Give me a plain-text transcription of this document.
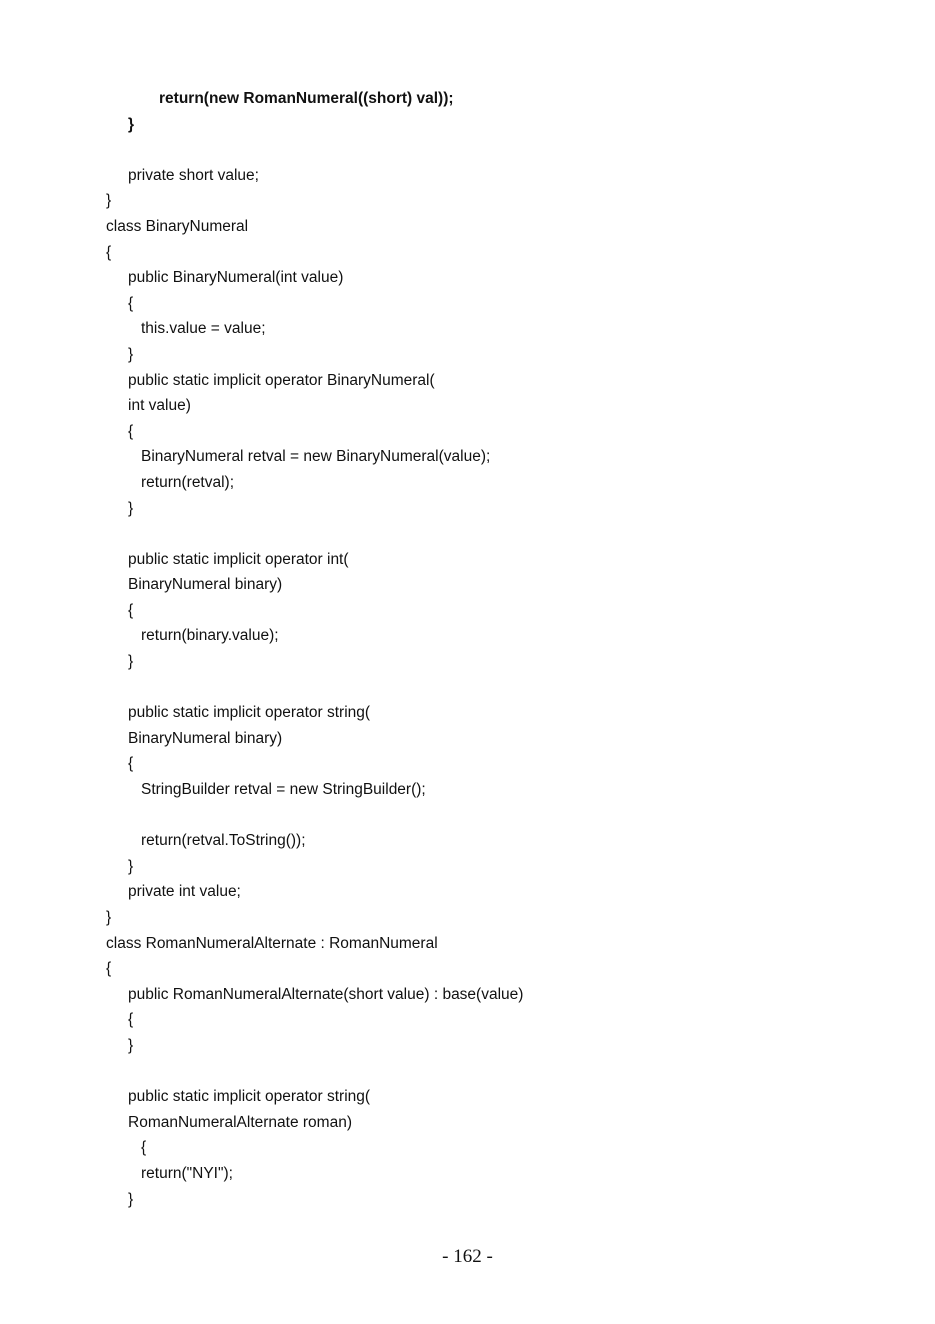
return(new RomanNumeral((short) val));
}
private short value;
}
class BinaryNumeral
{
public BinaryNumeral(int value)
{
this.value = value;
}
public static implicit operator BinaryNumeral(
int value)
{
BinaryNumeral retval = new BinaryNumeral(value);
return(retval);
}
public static implicit operator int(
BinaryNumeral binary)
{
return(binary.value);
}
public static implicit operator string(
BinaryNumeral binary)
{
StringBuilder retval = new StringBuilder();
return(retval.ToString());
}
private int value;
}
class RomanNumeralAlternate : RomanNumeral
{
public RomanNumeralAlternate(short value) : base(value)
{
}
public static implicit operator string(
RomanNumeralAlternate roman)
{
return("NYI");
}
- 162 -
